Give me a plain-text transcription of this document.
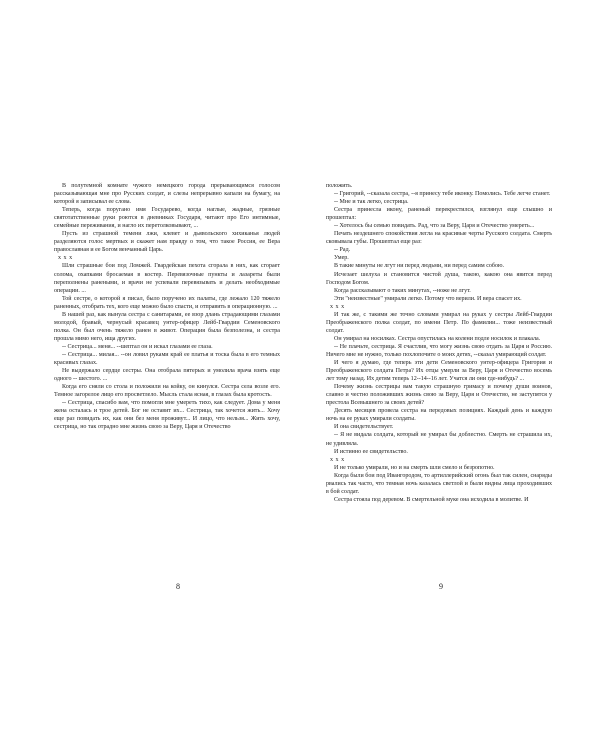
В полутемной комнате чужого немецкого города прерывающимся голосом рассказывающая мне про Русских солдат, и слезы непрерывно капали на бумагу, на которой я записывал ее слова.

Теперь, когда поругано имя Государево, когда наглые, жадные, грязные святотатственные руки роются в дневниках Государя, читают про Его интимные, семейные переживания, и нагло их перетолковывают, ...

Пусть из страшной темени лжи, клевет и дьявольского хихиканья людей разделяются голос мертвых и скажет нам правду о том, что такое Россия, ее Вера православная и ее Богом венчанный Царь.

х х х

Шли страшные бои под Ломжей. Гвардейская пехота сгорала в них, как сгорает солома, охапками бросаемая в костер. Перевязочные пункты и лазареты были переполнены ранеными, и врачи не успевали перевязывать и делать необходимые операции. ...

Той сестре, о которой я писал, было поручено их палаты, где лежало 120 тяжело раненных, отобрать тех, кого еще можно было спасти, и отправить в операционную. ...

В нашей раз, как вынула сестра с санитарами, ее взор длань страдающими глазами молодой, бравый, чернусый красавец унтер-офицер Лейб-Гвардии Семеновского полка. Он был очень тяжело ранен в живот. Операция была безполезна, и сестра прошла мимо него, ища других.

-- Сестрица... меня... --шептал он и искал глазами ее глаза.

-- Сестрица... милая... --он ловил руками край ее платья и тоска была в его темных красивых глазах.

Не выдержало сердце сестры. Она отобрала пятерых и умолила врача взять еще одного -- шестого. ...

Когда его сняли со стола и положили на койку, он кинулся. Сестра села возле его. Темное загорелое лицо его просветлело. Мысль стала ясная, в глазах была кротость.

-- Сестрица, спасибо вам, что помогли мне умереть тихо, как следует. Дома у меня жена осталась и трое детей. Бог не оставит их... Сестрица, так хочется жить... Хочу еще раз повидать их, как они без меня проживут... И лицо, что нельзя... Жить хочу, сестрица, но так отрадно мне жизнь свою за Веру, Царя и Отечество

8

положить.

-- Григорий, --сказала сестра, --я принесу тебе иконку. Помолись. Тебе легче станет.

-- Мне и так легко, сестрица.

Сестра принесла икону, раненый перекрестился, взглянул еще слышно и прошептал:

-- Хотелось бы семью повидать. Рад, что за Веру, Царя и Отечество умереть...

Печать нездешнего спокойствия легла на красивые черты Русского солдата. Смерть сковывала губы. Прошептал еще раз:

-- Рад.

Умер.

В такие минуты не лгут ни перед людьми, ни перед самим собою.

Исчезает шелуха и становится чистой душа, такою, какою она явится перед Господом Богом.

Когда рассказывают о таких минутах, --ноже не лгут.

Эти "неизвестные" умирали легко. Потому что верили. И вера спасет их.

х х х

И так же, с такими же точно словами умирал на руках у сестры Лейб-Гвардии Преображенского полка солдат, по имени Петр. По фамилии... тоже неизвестный солдат.

Он умирал на носилках. Сестра опустилась на колени подле носилок и плакала.

-- Не плачьте, сестрица. Я счастлив, что могу жизнь свою отдать за Царя и Россию. Ничего мне не нужно, только похлопочите о моих детях, --сказал умирающий солдат.

И чего я думаю, где теперь эти дети Семеновского унтер-офицера Григория и Преображенского солдата Петра? Их отцы умерли за Веру, Царя и Отечество восемь лет тому назад. Их детям теперь 12--14--16 лет. Учатся ли они где-нибудь? ...

Почему жизнь сестрицы вам такую страшную гримасу и почему души воинов, славно и честно положивших жизнь свою за Веру, Царя и Отечество, не заступятся у престола Всевышнего за своих детей?

Десять месяцев провела сестра на передовых позициях. Каждый день и каждую ночь на ее руках умирали солдаты.

И она свидетельствует.

-- Я не видала солдата, который не умирал бы доблестно. Смерть не страшила их, не удивляла.

И истинно ее свидетельство.

х х х

И не только умирали, но и на смерть шли смело и безропотно.

Когда были бои под Ивангородом, то артиллерийский огонь был так силен, снаряды рвались так часто, что темная ночь казалась светлой и были видны лица проходивших в бой солдат.

Сестра стояла под деревом. В смертельной муке она исходила в молитве. И

9
